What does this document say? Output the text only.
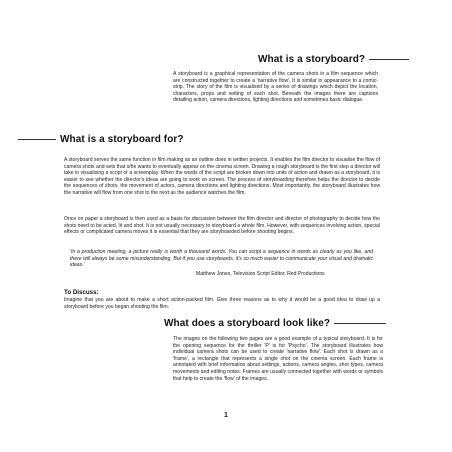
What is a storyboard?

A storyboard is a graphical representation of the camera shots in a film sequence which are constructed together to create a 'narrative flow'. It is similar in appearance to a comic-strip. The story of the film is visualised by a series of drawings which depict the location, characters, props and setting of each shot. Beneath the images there are captions detailing action, camera directions, lighting directions and sometimes basic dialogue.

What is a storyboard for?

A storyboard serves the same function in film making as an outline does in written projects. It enables the film director to visualise the flow of camera shots and sets that s/he wants to eventually appear on the cinema screen. Drawing a rough storyboard is the first step a director will take in visualising a script or a screenplay. When the words of the script are broken down into units of action and drawn as a storyboard, it is easier to see whether the director's ideas are going to work on screen. The process of storyboarding therefore helps the director to decide the sequences of shots, the movement of actors, camera directions and lighting directions. Most importantly, the storyboard illustrates how the narrative will flow from one shot to the next as the audience watches the film.

Once on paper a storyboard is then used as a basis for discussion between the film director and director of photography to decide how the shots need to be acted, lit and shot. It is not usually necessary to storyboard a whole film. However, with sequences involving action, special effects or complicated camera moves it is essential that they are storyboarded before shooting begins.

'In a production meeting, a picture really is worth a thousand words. You can script a sequence in words as clearly as you like, and there will always be some misunderstanding. But if you use storyboards, it's so much easier to communicate your visual and dramatic ideas.'

Matthew Jones, Television Script Editor, Red Productions
To Discuss:

Imagine that you are about to make a short action-packed film. Give three reasons as to why it would be a good idea to draw up a storyboard before you began shooting the film.

What does a storyboard look like?

The images on the following two pages are a good example of a typical storyboard. It is for the opening sequence for the thriller 'P' is for 'Psycho'. The storyboard illustrates how individual camera shots can be used to create 'narrative flow'. Each shot is drawn as a 'frame', a rectangle that represents a single shot on the cinema screen. Each frame is annotated with brief information about settings, actions, camera angles, shot types, camera movements and editing notes. Frames are usually connected together with words or symbols that help to create the 'flow' of the images.

1
